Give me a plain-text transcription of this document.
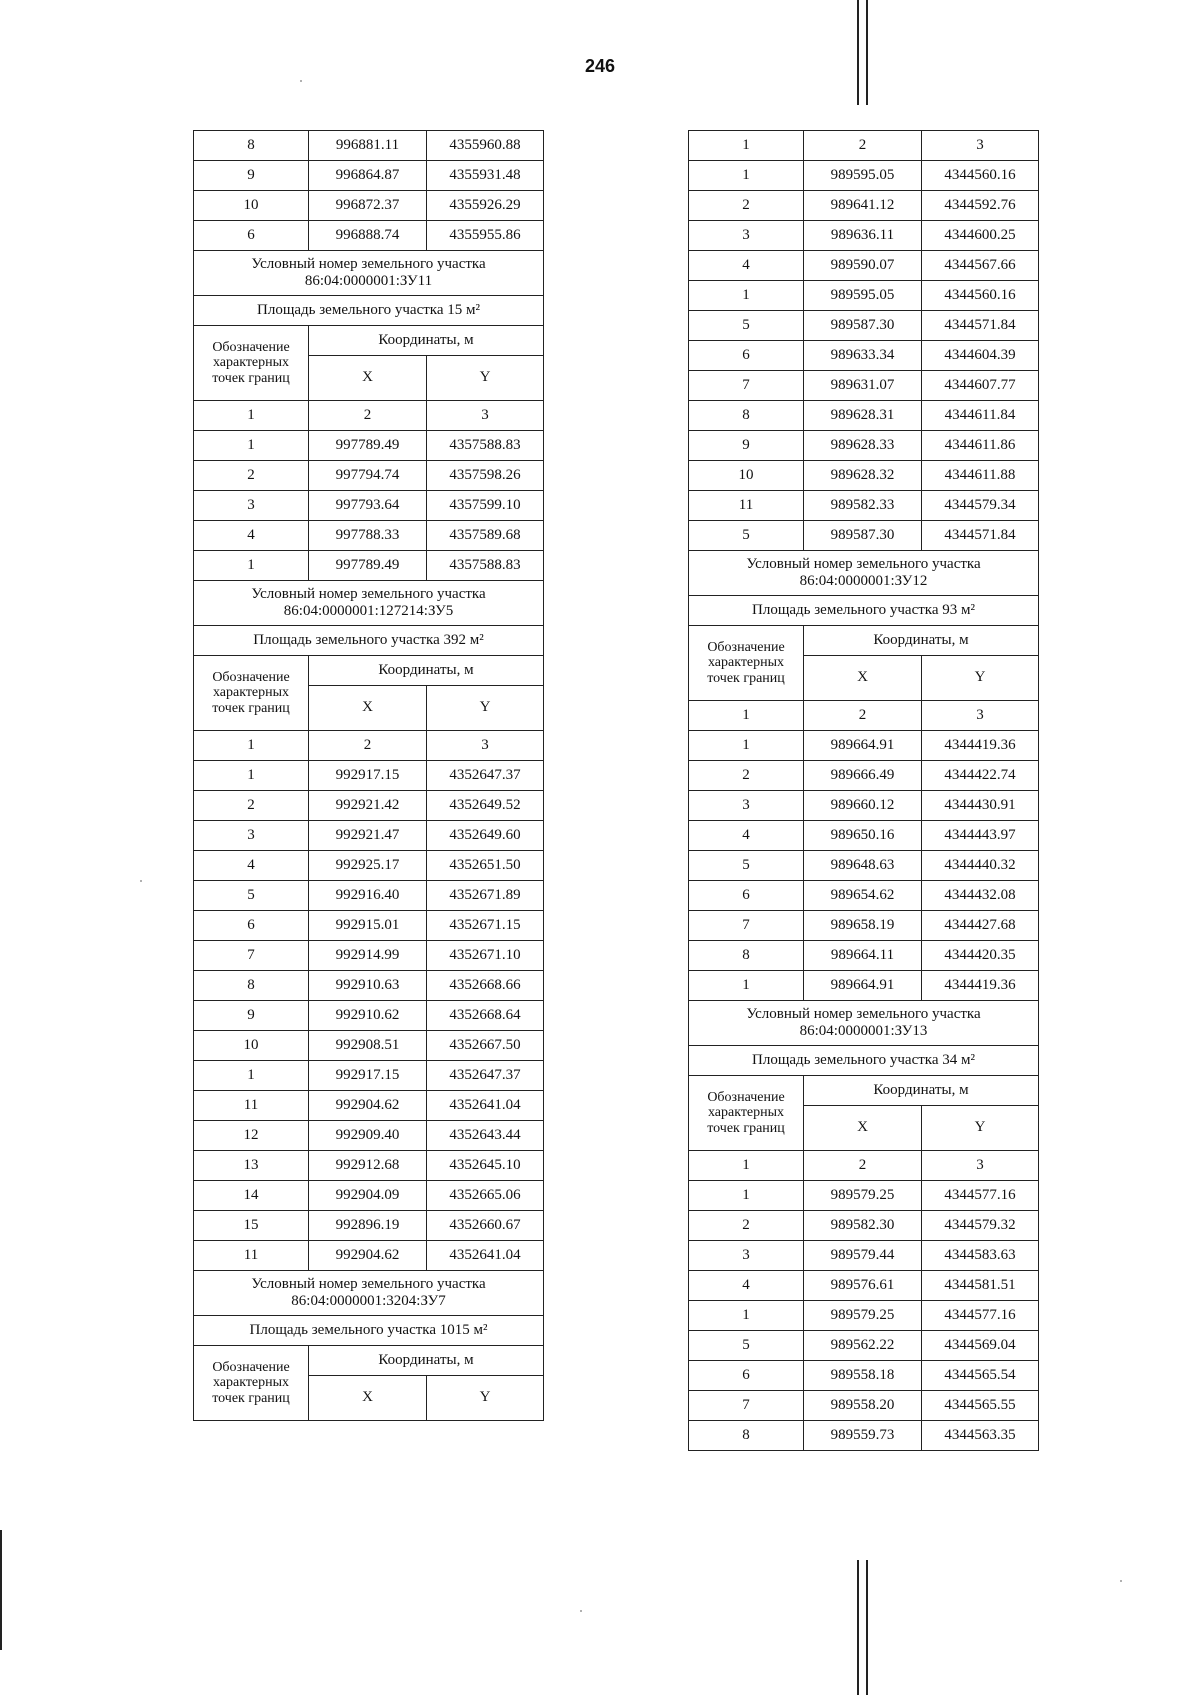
246
8	996881.11	4355960.88
9	996864.87	4355931.48
10	996872.37	4355926.29
6	996888.74	4355955.86
Условный номер земельного участка 86:04:0000001:ЗУ11		
Площадь земельного участка 15 м²		
Обозначение характерных точек границ	Координаты, м	
	X	Y
1	2	3
1	997789.49	4357588.83
2	997794.74	4357598.26
3	997793.64	4357599.10
4	997788.33	4357589.68
1	997789.49	4357588.83
Условный номер земельного участка 86:04:0000001:127214:ЗУ5		
Площадь земельного участка 392 м²		
Обозначение характерных точек границ	Координаты, м	
	X	Y
1	2	3
1	992917.15	4352647.37
2	992921.42	4352649.52
3	992921.47	4352649.60
4	992925.17	4352651.50
5	992916.40	4352671.89
6	992915.01	4352671.15
7	992914.99	4352671.10
8	992910.63	4352668.66
9	992910.62	4352668.64
10	992908.51	4352667.50
1	992917.15	4352647.37
11	992904.62	4352641.04
12	992909.40	4352643.44
13	992912.68	4352645.10
14	992904.09	4352665.06
15	992896.19	4352660.67
11	992904.62	4352641.04
Условный номер земельного участка 86:04:0000001:3204:ЗУ7		
Площадь земельного участка 1015 м²		
Обозначение характерных точек границ	Координаты, м	
	X	Y
1	2	3
1	989595.05	4344560.16
2	989641.12	4344592.76
3	989636.11	4344600.25
4	989590.07	4344567.66
1	989595.05	4344560.16
5	989587.30	4344571.84
6	989633.34	4344604.39
7	989631.07	4344607.77
8	989628.31	4344611.84
9	989628.33	4344611.86
10	989628.32	4344611.88
11	989582.33	4344579.34
5	989587.30	4344571.84
Условный номер земельного участка 86:04:0000001:ЗУ12		
Площадь земельного участка 93 м²		
Обозначение характерных точек границ	Координаты, м	
	X	Y
1	2	3
1	989664.91	4344419.36
2	989666.49	4344422.74
3	989660.12	4344430.91
4	989650.16	4344443.97
5	989648.63	4344440.32
6	989654.62	4344432.08
7	989658.19	4344427.68
8	989664.11	4344420.35
1	989664.91	4344419.36
Условный номер земельного участка 86:04:0000001:ЗУ13		
Площадь земельного участка 34 м²		
Обозначение характерных точек границ	Координаты, м	
	X	Y
1	2	3
1	989579.25	4344577.16
2	989582.30	4344579.32
3	989579.44	4344583.63
4	989576.61	4344581.51
1	989579.25	4344577.16
5	989562.22	4344569.04
6	989558.18	4344565.54
7	989558.20	4344565.55
8	989559.73	4344563.35
